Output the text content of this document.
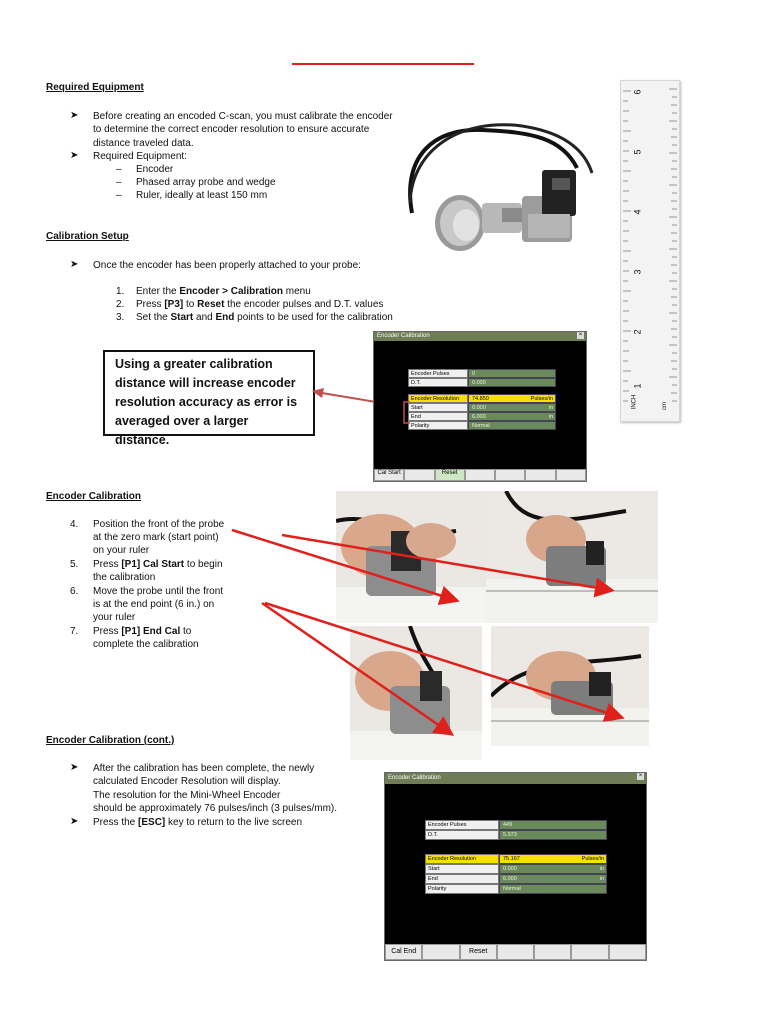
Required Equipment
➤ Before creating an encoded C-scan, you must calibrate the encoder
to determine the correct encoder resolution to ensure accurate
distance traveled data.
➤ Required Equipment:
– Encoder
– Phased array probe and wedge
– Ruler, ideally at least 150 mm
6
5
4
3
2
1
INCH	cm
Calibration Setup
➤ Once the encoder has been properly attached to your probe:
1. Enter the Encoder > Calibration menu
2. Press [P3] to Reset the encoder pulses and D.T. values
3. Set the Start and End points to be used for the calibration
Using a greater calibration distance will increase encoder resolution accuracy as error is averaged over a larger distance.
Encoder Calibration	×
Encoder Pulses	0
D.T.	0.000
Encoder Resolution	74.850	Pulses/in
Start	0.000	in
End	6.000	in
Polarity	Normal
Cal Start	Reset
Encoder Calibration
4. Position the front of the probe
at the zero mark (start point)
on your ruler
5. Press [P1] Cal Start to begin
the calibration
6. Move the probe until the front
is at the end point (6 in.) on
your ruler
7. Press [P1] End Cal to
complete the calibration
Encoder Calibration (cont.)
➤ After the calibration has been complete, the newly
calculated Encoder Resolution will display.
The resolution for the Mini-Wheel Encoder
should be approximately 76 pulses/inch (3 pulses/mm).
➤ Press the [ESC] key to return to the live screen
Encoder Calibration	×
Encoder Pulses	449
D.T.	5.973
Encoder Resolution	75.167	Pulses/in
Start	0.000	in
End	6.000	in
Polarity	Normal
Cal End	Reset
